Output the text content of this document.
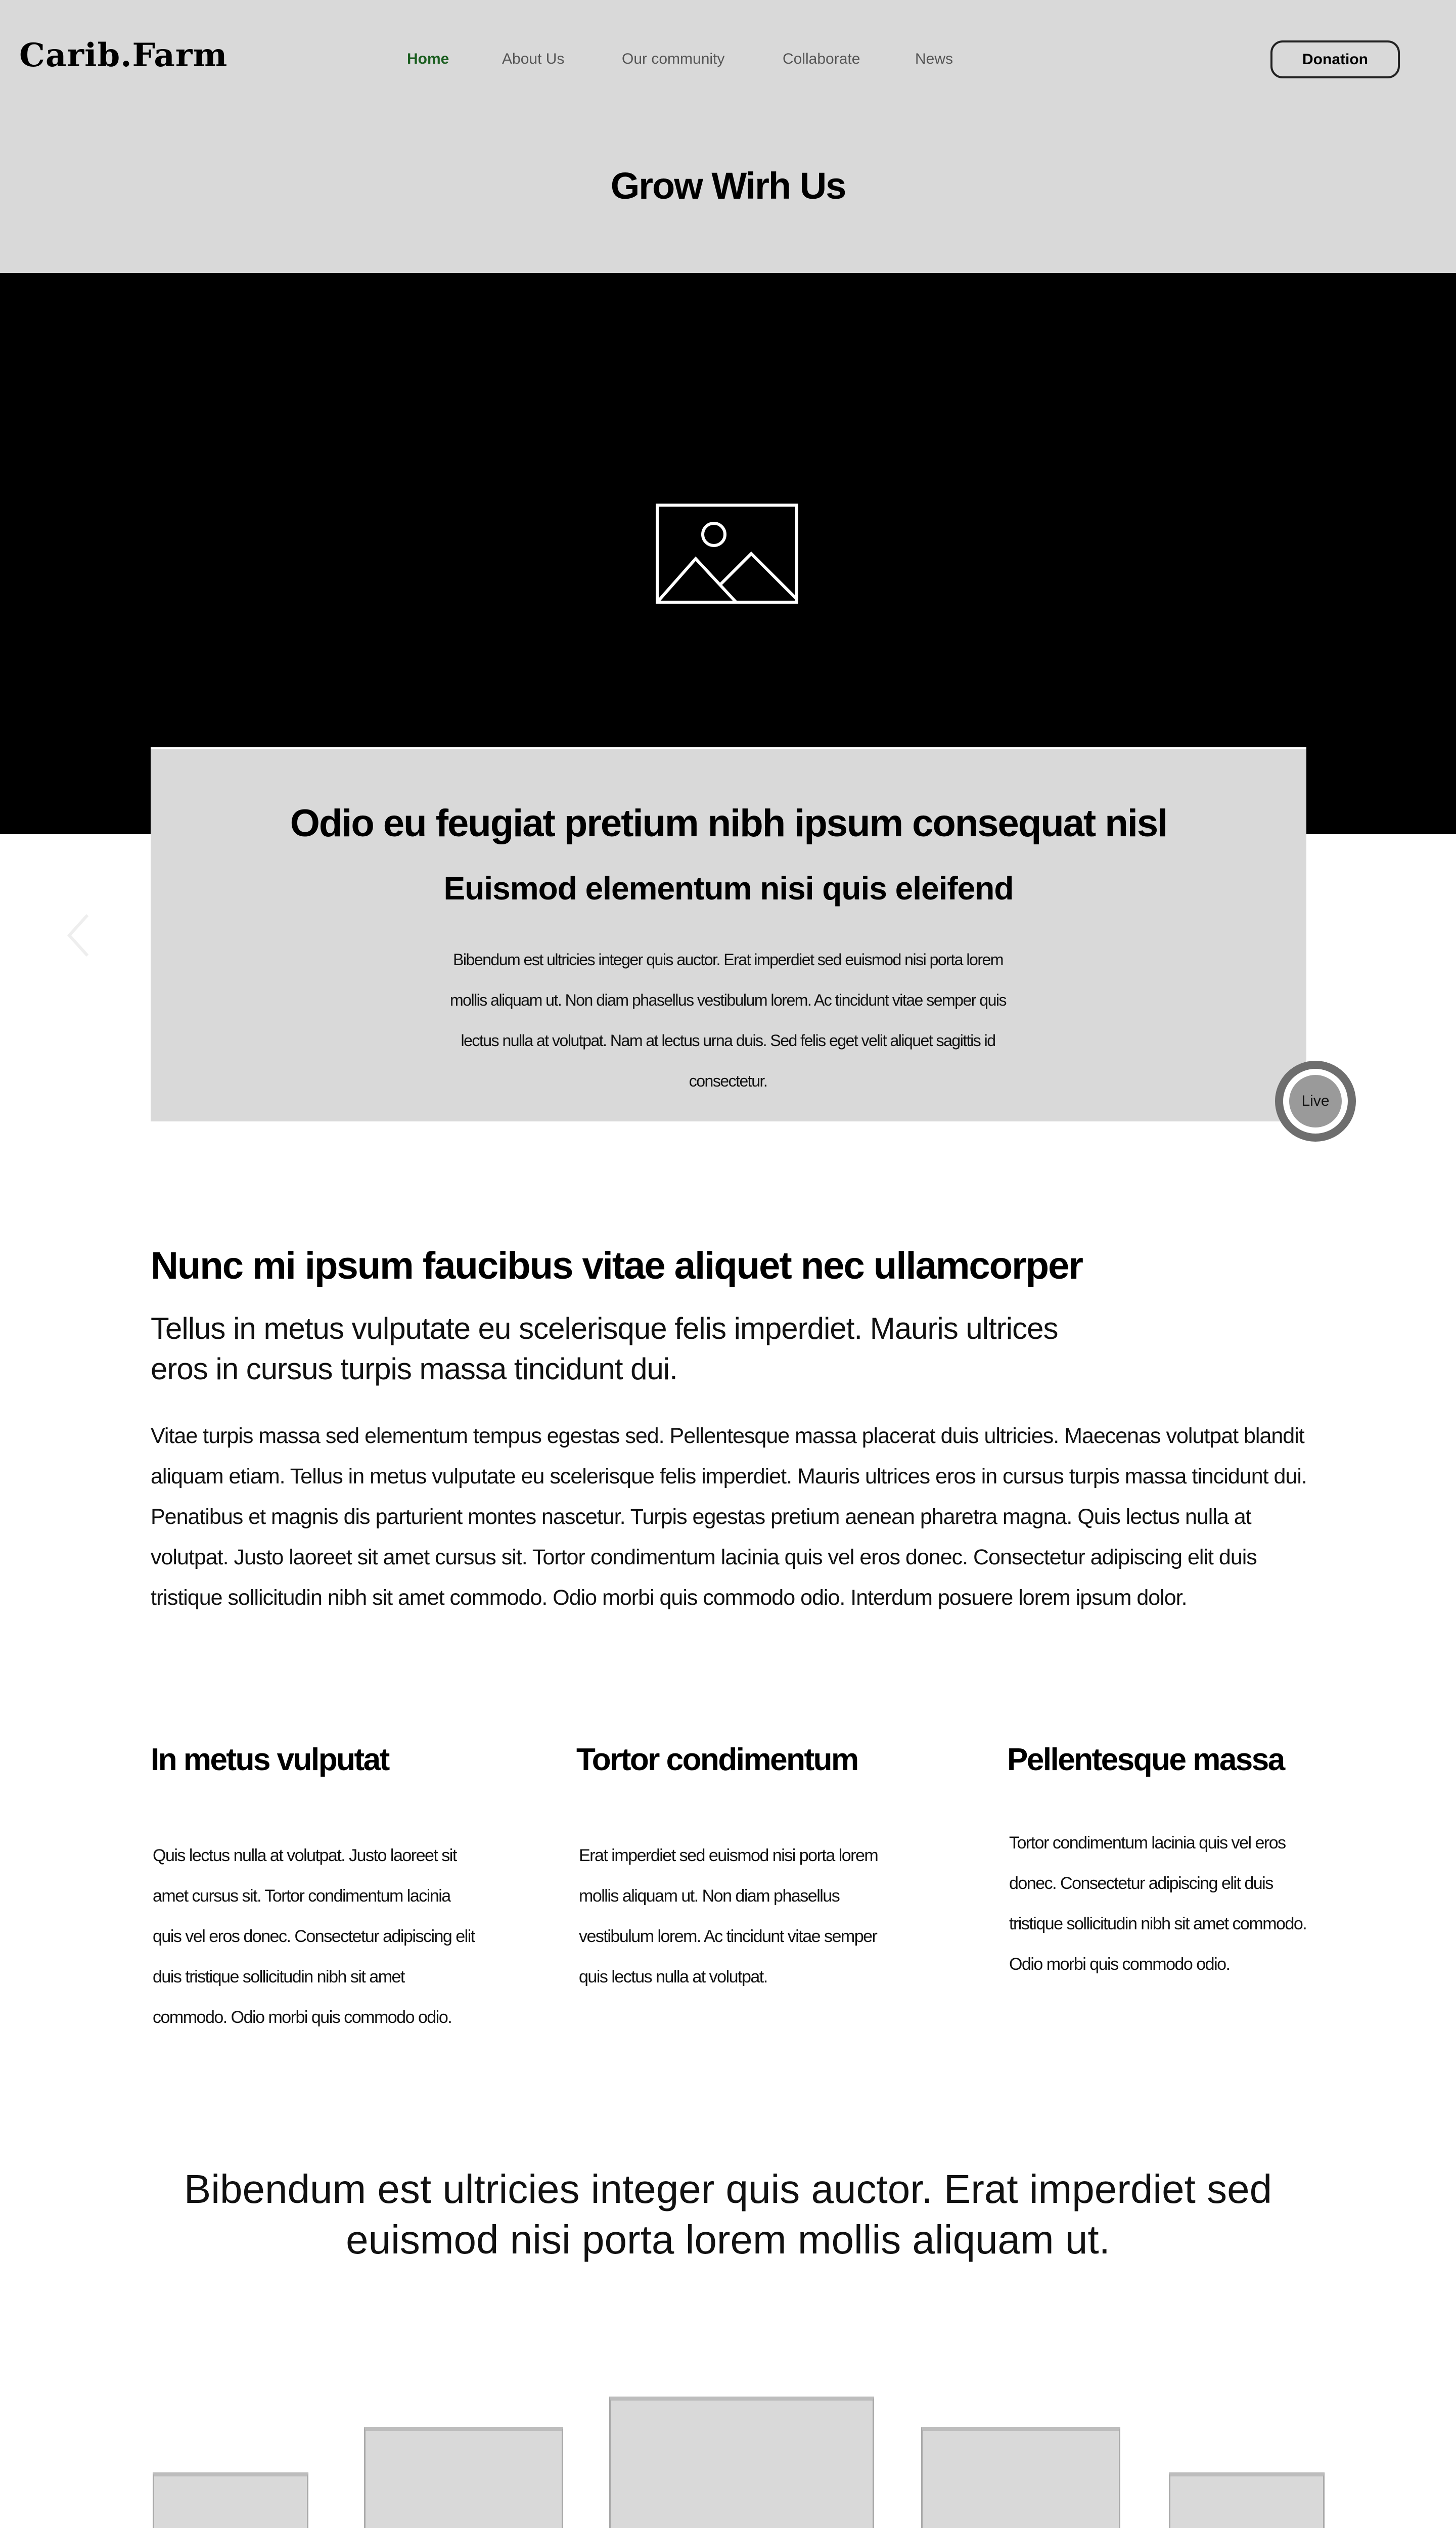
Carib.Farm	Home	About Us	Our community	Collaborate	News	Donation
Grow Wirh Us
Odio eu feugiat pretium nibh ipsum consequat nisl
Euismod elementum nisi quis eleifend
Bibendum est ultricies integer quis auctor. Erat imperdiet sed euismod nisi porta lorem mollis aliquam ut. Non diam phasellus vestibulum lorem. Ac tincidunt vitae semper quis lectus nulla at volutpat. Nam at lectus urna duis. Sed felis eget velit aliquet sagittis id consectetur.
Live
Nunc mi ipsum faucibus vitae aliquet nec ullamcorper
Tellus in metus vulputate eu scelerisque felis imperdiet. Mauris ultrices eros in cursus turpis massa tincidunt dui.
Vitae turpis massa sed elementum tempus egestas sed. Pellentesque massa placerat duis ultricies. Maecenas volutpat blandit aliquam etiam. Tellus in metus vulputate eu scelerisque felis imperdiet. Mauris ultrices eros in cursus turpis massa tincidunt dui. Penatibus et magnis dis parturient montes nascetur. Turpis egestas pretium aenean pharetra magna. Quis lectus nulla at volutpat. Justo laoreet sit amet cursus sit. Tortor condimentum lacinia quis vel eros donec. Consectetur adipiscing elit duis tristique sollicitudin nibh sit amet commodo. Odio morbi quis commodo odio. Interdum posuere lorem ipsum dolor.
In metus vulputat
Quis lectus nulla at volutpat. Justo laoreet sit amet cursus sit. Tortor condimentum lacinia quis vel eros donec. Consectetur adipiscing elit duis tristique sollicitudin nibh sit amet commodo. Odio morbi quis commodo odio.
Tortor condimentum
Erat imperdiet sed euismod nisi porta lorem mollis aliquam ut. Non diam phasellus vestibulum lorem. Ac tincidunt vitae semper quis lectus nulla at volutpat.
Pellentesque massa
Tortor condimentum lacinia quis vel eros donec. Consectetur adipiscing elit duis tristique sollicitudin nibh sit amet commodo. Odio morbi quis commodo odio.
Bibendum est ultricies integer quis auctor. Erat imperdiet sed euismod nisi porta lorem mollis aliquam ut.
